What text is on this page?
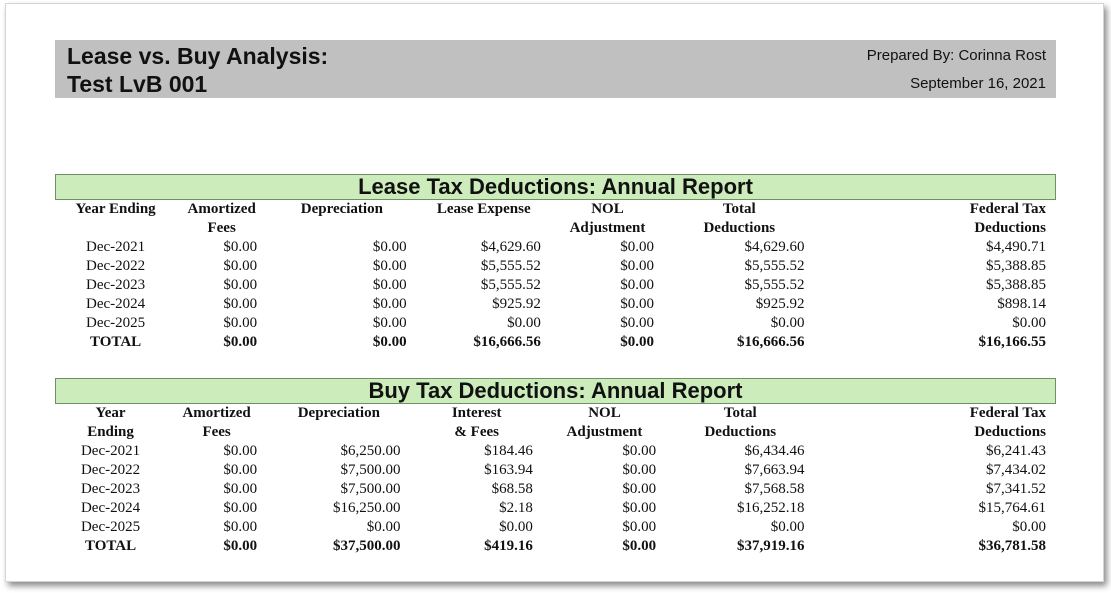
Lease vs. Buy Analysis:
Test LvB 001
Prepared By: Corinna Rost
September 16, 2021
Lease Tax Deductions: Annual Report
Year Ending	Amortized	Depreciation	Lease Expense	NOL	Total	Federal Tax
	Fees			Adjustment	Deductions	Deductions
Dec-2021	$0.00	$0.00	$4,629.60	$0.00	$4,629.60	$4,490.71
Dec-2022	$0.00	$0.00	$5,555.52	$0.00	$5,555.52	$5,388.85
Dec-2023	$0.00	$0.00	$5,555.52	$0.00	$5,555.52	$5,388.85
Dec-2024	$0.00	$0.00	$925.92	$0.00	$925.92	$898.14
Dec-2025	$0.00	$0.00	$0.00	$0.00	$0.00	$0.00
TOTAL	$0.00	$0.00	$16,666.56	$0.00	$16,666.56	$16,166.55
Buy Tax Deductions: Annual Report
Year	Amortized	Depreciation	Interest	NOL	Total	Federal Tax
Ending	Fees		& Fees	Adjustment	Deductions	Deductions
Dec-2021	$0.00	$6,250.00	$184.46	$0.00	$6,434.46	$6,241.43
Dec-2022	$0.00	$7,500.00	$163.94	$0.00	$7,663.94	$7,434.02
Dec-2023	$0.00	$7,500.00	$68.58	$0.00	$7,568.58	$7,341.52
Dec-2024	$0.00	$16,250.00	$2.18	$0.00	$16,252.18	$15,764.61
Dec-2025	$0.00	$0.00	$0.00	$0.00	$0.00	$0.00
TOTAL	$0.00	$37,500.00	$419.16	$0.00	$37,919.16	$36,781.58
